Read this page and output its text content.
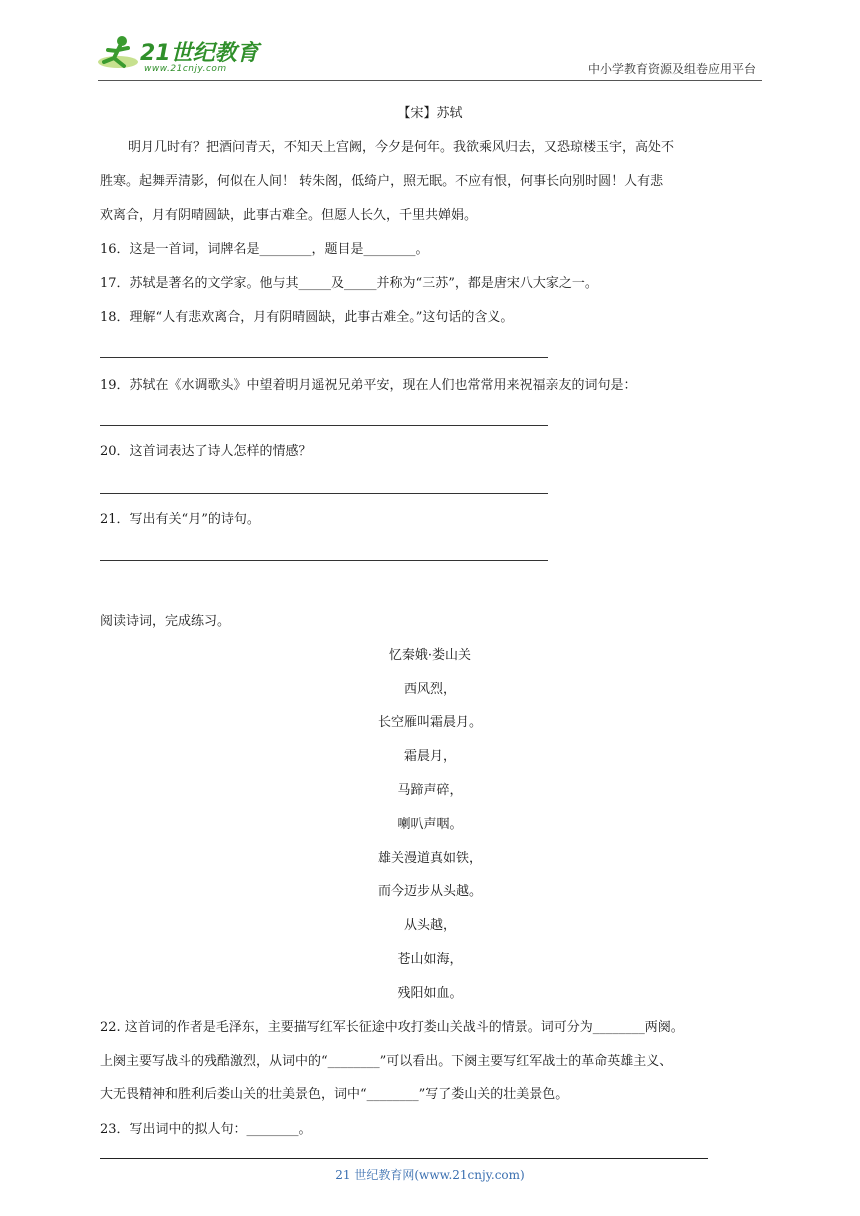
21世纪教育
www.21cnjy.com	中小学教育资源及组卷应用平台
【宋】苏轼
明月几时有？把酒问青天，不知天上宫阙，今夕是何年。我欲乘风归去，又恐琼楼玉宇，高处不
胜寒。起舞弄清影，何似在人间！ 转朱阁，低绮户，照无眠。不应有恨，何事长向别时圆！人有悲
欢离合，月有阴晴圆缺，此事古难全。但愿人长久，千里共婵娟。
16．这是一首词，词牌名是________，题目是________。
17．苏轼是著名的文学家。他与其_____及_____并称为“三苏”，都是唐宋八大家之一。
18．理解“人有悲欢离合，月有阴晴圆缺，此事古难全。”这句话的含义。
19．苏轼在《水调歌头》中望着明月遥祝兄弟平安，现在人们也常常用来祝福亲友的词句是：
20．这首词表达了诗人怎样的情感？
21．写出有关“月”的诗句。
阅读诗词，完成练习。
忆秦娥·娄山关
西风烈，
长空雁叫霜晨月。
霜晨月，
马蹄声碎，
喇叭声咽。
雄关漫道真如铁，
而今迈步从头越。
从头越，
苍山如海，
残阳如血。
22. 这首词的作者是毛泽东，主要描写红军长征途中攻打娄山关战斗的情景。词可分为________两阕。
上阕主要写战斗的残酷激烈，从词中的“________”可以看出。下阕主要写红军战士的革命英雄主义、
大无畏精神和胜利后娄山关的壮美景色，词中“________”写了娄山关的壮美景色。
23．写出词中的拟人句：________。
21 世纪教育网(www.21cnjy.com)
